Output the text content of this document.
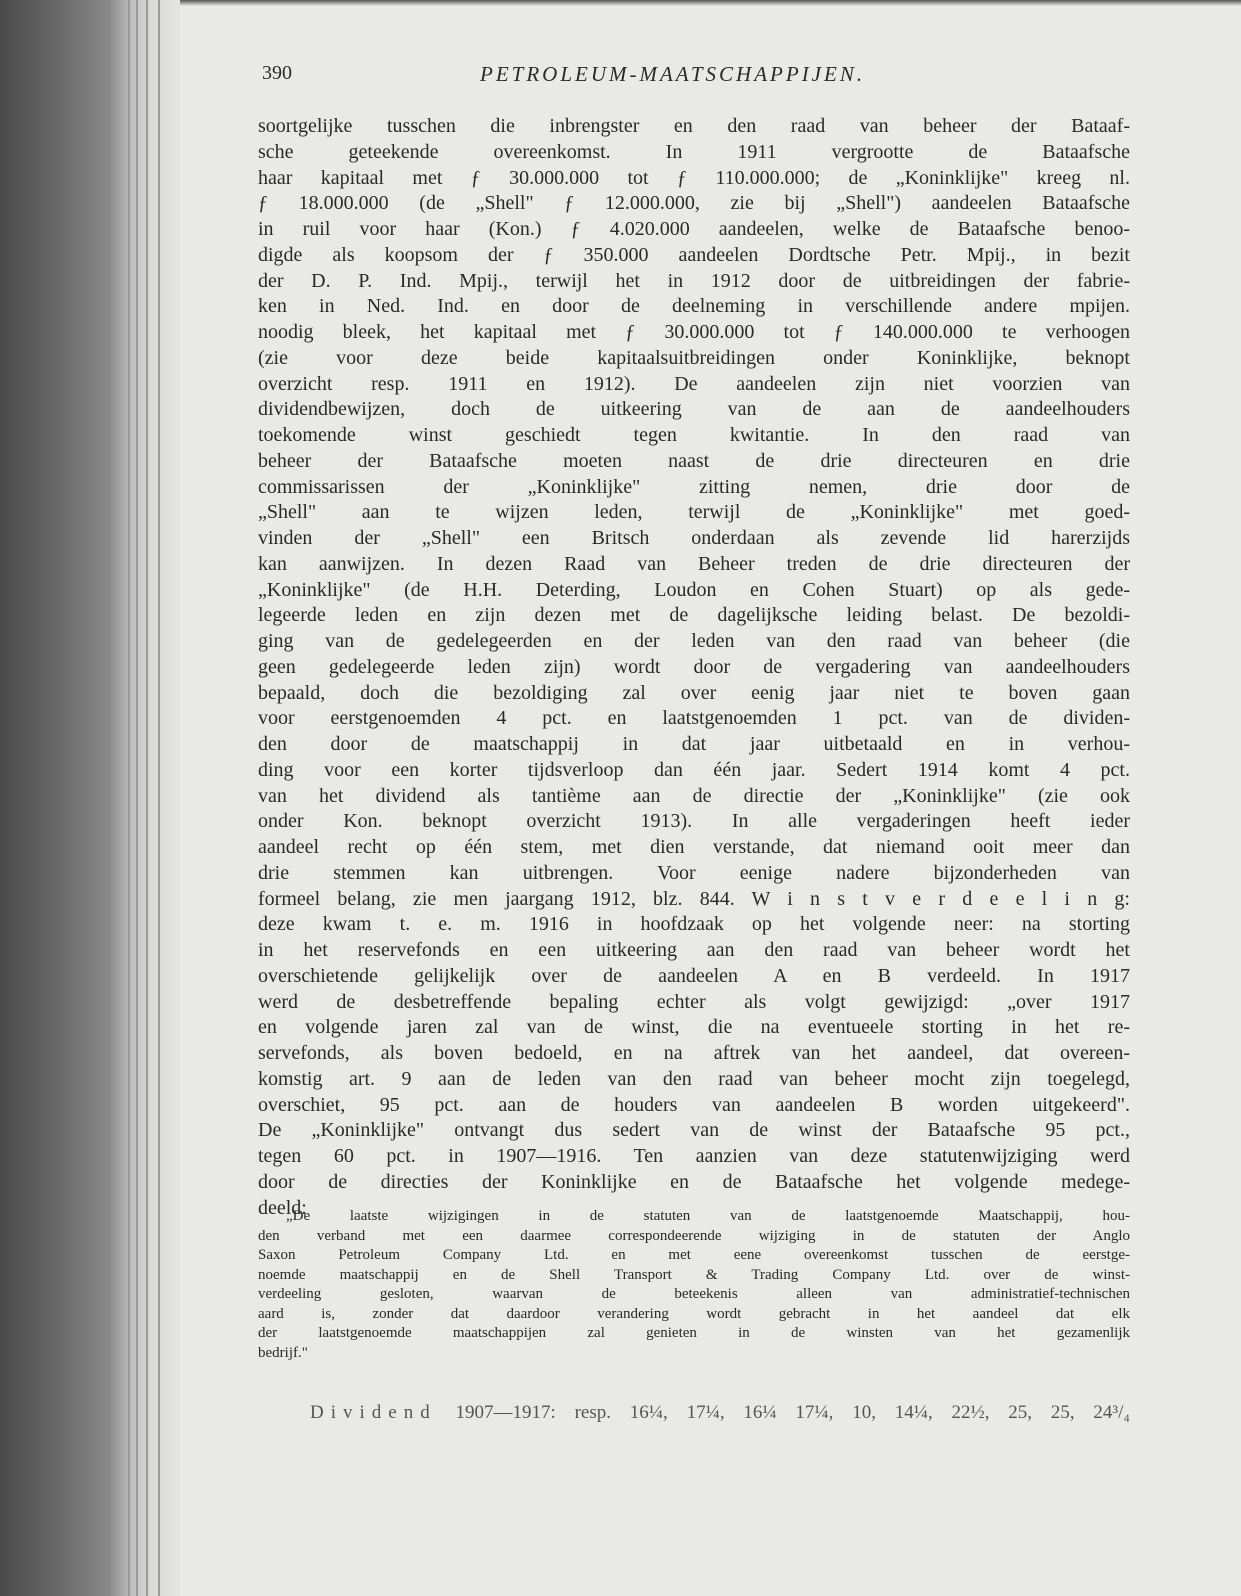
390	PETROLEUM-MAATSCHAPPIJEN.
soortgelijke tusschen die inbrengster en den raad van beheer der Bataaf-
sche geteekende overeenkomst. In 1911 vergrootte de Bataafsche
haar kapitaal met ƒ 30.000.000 tot ƒ 110.000.000; de „Koninklijke" kreeg nl.
ƒ 18.000.000 (de „Shell" ƒ 12.000.000, zie bij „Shell") aandeelen Bataafsche
in ruil voor haar (Kon.) ƒ 4.020.000 aandeelen, welke de Bataafsche benoo-
digde als koopsom der ƒ 350.000 aandeelen Dordtsche Petr. Mpij., in bezit
der D. P. Ind. Mpij., terwijl het in 1912 door de uitbreidingen der fabrie-
ken in Ned. Ind. en door de deelneming in verschillende andere mpijen.
noodig bleek, het kapitaal met ƒ 30.000.000 tot ƒ 140.000.000 te verhoogen
(zie voor deze beide kapitaalsuitbreidingen onder Koninklijke, beknopt
overzicht resp. 1911 en 1912). De aandeelen zijn niet voorzien van
dividendbewijzen, doch de uitkeering van de aan de aandeelhouders
toekomende winst geschiedt tegen kwitantie. In den raad van
beheer der Bataafsche moeten naast de drie directeuren en drie
commissarissen der „Koninklijke" zitting nemen, drie door de
„Shell" aan te wijzen leden, terwijl de „Koninklijke" met goed-
vinden der „Shell" een Britsch onderdaan als zevende lid harerzijds
kan aanwijzen. In dezen Raad van Beheer treden de drie directeuren der
„Koninklijke" (de H.H. Deterding, Loudon en Cohen Stuart) op als gede-
legeerde leden en zijn dezen met de dagelijksche leiding belast. De bezoldi-
ging van de gedelegeerden en der leden van den raad van beheer (die
geen gedelegeerde leden zijn) wordt door de vergadering van aandeelhouders
bepaald, doch die bezoldiging zal over eenig jaar niet te boven gaan
voor eerstgenoemden 4 pct. en laatstgenoemden 1 pct. van de dividen-
den door de maatschappij in dat jaar uitbetaald en in verhou-
ding voor een korter tijdsverloop dan één jaar. Sedert 1914 komt 4 pct.
van het dividend als tantième aan de directie der „Koninklijke" (zie ook
onder Kon. beknopt overzicht 1913). In alle vergaderingen heeft ieder
aandeel recht op één stem, met dien verstande, dat niemand ooit meer dan
drie stemmen kan uitbrengen. Voor eenige nadere bijzonderheden van
formeel belang, zie men jaargang 1912, blz. 844. W i n s t v e r d e e l i n g:
deze kwam t. e. m. 1916 in hoofdzaak op het volgende neer: na storting
in het reservefonds en een uitkeering aan den raad van beheer wordt het
overschietende gelijkelijk over de aandeelen A en B verdeeld. In 1917
werd de desbetreffende bepaling echter als volgt gewijzigd: „over 1917
en volgende jaren zal van de winst, die na eventueele storting in het re-
servefonds, als boven bedoeld, en na aftrek van het aandeel, dat overeen-
komstig art. 9 aan de leden van den raad van beheer mocht zijn toegelegd,
overschiet, 95 pct. aan de houders van aandeelen B worden uitgekeerd".
De „Koninklijke" ontvangt dus sedert van de winst der Bataafsche 95 pct.,
tegen 60 pct. in 1907—1916. Ten aanzien van deze statutenwijziging werd
door de directies der Koninklijke en de Bataafsche het volgende medege-
deeld:
„De laatste wijzigingen in de statuten van de laatstgenoemde Maatschappij, hou-
den verband met een daarmee correspondeerende wijziging in de statuten der Anglo
Saxon Petroleum Company Ltd. en met eene overeenkomst tusschen de eerstge-
noemde maatschappij en de Shell Transport & Trading Company Ltd. over de winst-
verdeeling gesloten, waarvan de beteekenis alleen van administratief-technischen
aard is, zonder dat daardoor verandering wordt gebracht in het aandeel dat elk
der laatstgenoemde maatschappijen zal genieten in de winsten van het gezamenlijk
bedrijf."
Dividend 1907—1917: resp. 16¼, 17¼, 16¼ 17¼, 10, 14¼, 22½, 25, 25, 24³/₄
